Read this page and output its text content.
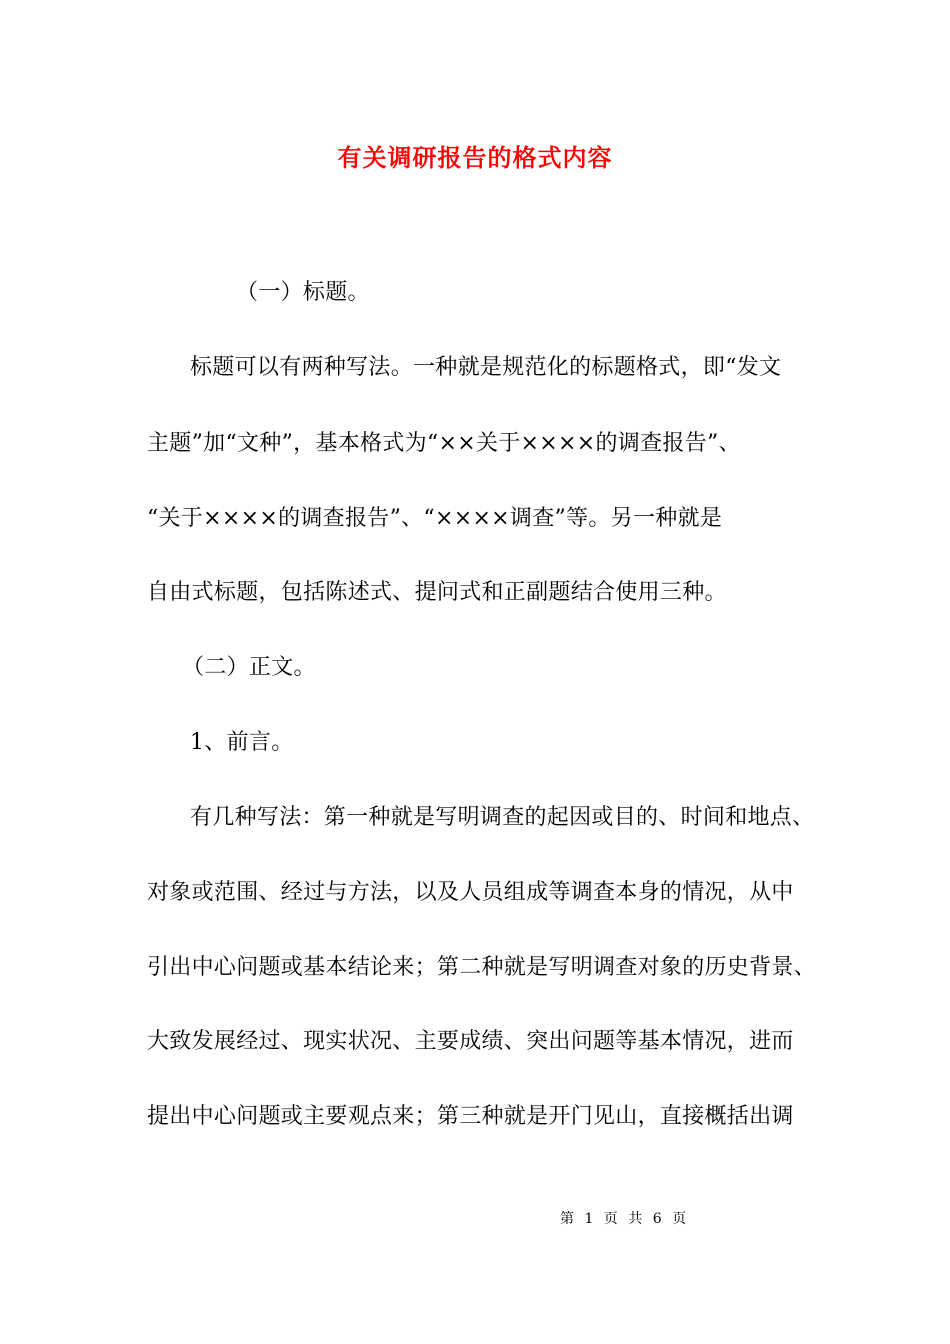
有关调研报告的格式内容
（一）标题。
标题可以有两种写法。一种就是规范化的标题格式，即“发文
主题”加“文种”，基本格式为“××关于××××的调查报告”、
“关于××××的调查报告”、“××××调查”等。另一种就是
自由式标题，包括陈述式、提问式和正副题结合使用三种。
（二）正文。
1、前言。
有几种写法：第一种就是写明调查的起因或目的、时间和地点、
对象或范围、经过与方法，以及人员组成等调查本身的情况，从中
引出中心问题或基本结论来；第二种就是写明调查对象的历史背景、
大致发展经过、现实状况、主要成绩、突出问题等基本情况，进而
提出中心问题或主要观点来；第三种就是开门见山，直接概括出调
第 1 页 共 6 页
